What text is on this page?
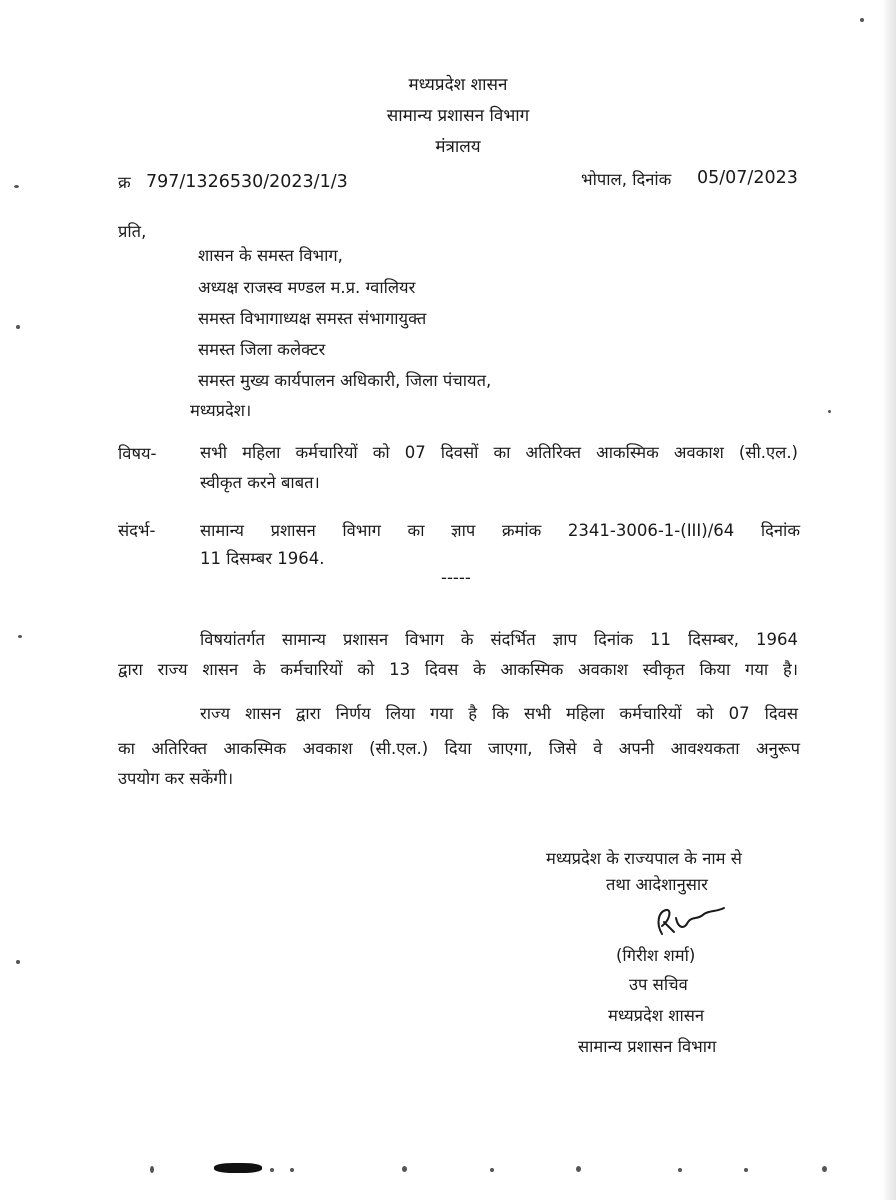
मध्यप्रदेश शासन
सामान्य प्रशासन विभाग
मंत्रालय
क्र 797/1326530/2023/1/3	भोपाल, दिनांक 05/07/2023
प्रति,
शासन के समस्त विभाग,
अध्यक्ष राजस्व मण्डल म.प्र. ग्वालियर
समस्त विभागाध्यक्ष समस्त संभागायुक्त
समस्त जिला कलेक्टर
समस्त मुख्य कार्यपालन अधिकारी, जिला पंचायत,
मध्यप्रदेश।
विषय-	सभी महिला कर्मचारियों को 07 दिवसों का अतिरिक्त आकस्मिक अवकाश (सी.एल.)
स्वीकृत करने बाबत।
संदर्भ-	सामान्य प्रशासन विभाग का ज्ञाप क्रमांक 2341-3006-1-(III)/64 दिनांक
11 दिसम्बर 1964.
-----
विषयांतर्गत सामान्य प्रशासन विभाग के संदर्भित ज्ञाप दिनांक 11 दिसम्बर, 1964
द्वारा राज्य शासन के कर्मचारियों को 13 दिवस के आकस्मिक अवकाश स्वीकृत किया गया है।
राज्य शासन द्वारा निर्णय लिया गया है कि सभी महिला कर्मचारियों को 07 दिवस
का अतिरिक्त आकस्मिक अवकाश (सी.एल.) दिया जाएगा, जिसे वे अपनी आवश्यकता अनुरूप
उपयोग कर सकेंगी।
मध्यप्रदेश के राज्यपाल के नाम से
तथा आदेशानुसार
(गिरीश शर्मा)
उप सचिव
मध्यप्रदेश शासन
सामान्य प्रशासन विभाग
